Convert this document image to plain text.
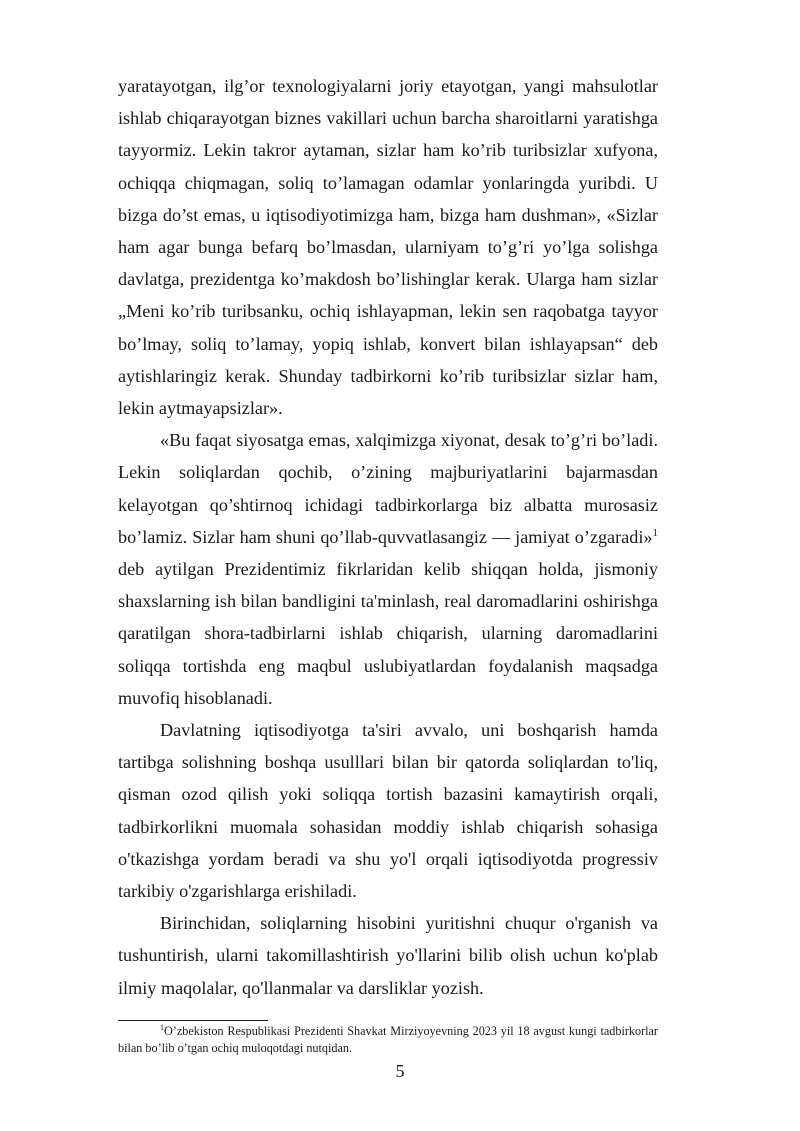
yaratayotgan, ilg’or texnologiyalarni joriy etayotgan, yangi mahsulotlar ishlab chiqarayotgan biznes vakillari uchun barcha sharoitlarni yaratishga tayyormiz. Lekin takror aytaman, sizlar ham ko’rib turibsizlar xufyona, ochiqqa chiqmagan, soliq to’lamagan odamlar yonlaringda yuribdi. U bizga do’st emas, u iqtisodiyotimizga ham, bizga ham dushman», «Sizlar ham agar bunga befarq bo’lmasdan, ularniyam to’g’ri yo’lga solishga davlatga, prezidentga ko’makdosh bo’lishinglar kerak. Ularga ham sizlar „Meni ko’rib turibsanku, ochiq ishlayapman, lekin sen raqobatga tayyor bo’lmay, soliq to’lamay, yopiq ishlab, konvert bilan ishlayapsan“ deb aytishlaringiz kerak. Shunday tadbirkorni ko’rib turibsizlar sizlar ham, lekin aytmayapsizlar».

«Bu faqat siyosatga emas, xalqimizga xiyonat, desak to’g’ri bo’ladi. Lekin soliqlardan qochib, o’zining majburiyatlarini bajarmasdan kelayotgan qo’shtirnoq ichidagi tadbirkorlarga biz albatta murosasiz bo’lamiz. Sizlar ham shuni qo’llab-quvvatlasangiz — jamiyat o’zgaradi»$^1$ deb aytilgan Prezidentimiz fikrlaridan kelib shiqqan holda, jismoniy shaxslarning ish bilan bandligini ta'minlash, real daromadlarini oshirishga qaratilgan shora-tadbirlarni ishlab chiqarish, ularning daromadlarini soliqqa tortishda eng maqbul uslubiyatlardan foydalanish maqsadga muvofiq hisoblanadi.

Davlatning iqtisodiyotga ta'siri avvalo, uni boshqarish hamda tartibga solishning boshqa usulllari bilan bir qatorda soliqlardan to'liq, qisman ozod qilish yoki soliqqa tortish bazasini kamaytirish orqali, tadbirkorlikni muomala sohasidan moddiy ishlab chiqarish sohasiga o'tkazishga yordam beradi va shu yo'l orqali iqtisodiyotda progressiv tarkibiy o'zgarishlarga erishiladi.

Birinchidan, soliqlarning hisobini yuritishni chuqur o'rganish va tushuntirish, ularni takomillashtirish yo'llarini bilib olish uchun ko'plab ilmiy maqolalar, qo'llanmalar va darsliklar yozish.

$^1$O’zbekiston Respublikasi Prezidenti Shavkat Mirziyoyevning 2023 yil 18 avgust kungi tadbirkorlar bilan bo’lib o’tgan ochiq muloqotdagi nutqidan.

5
